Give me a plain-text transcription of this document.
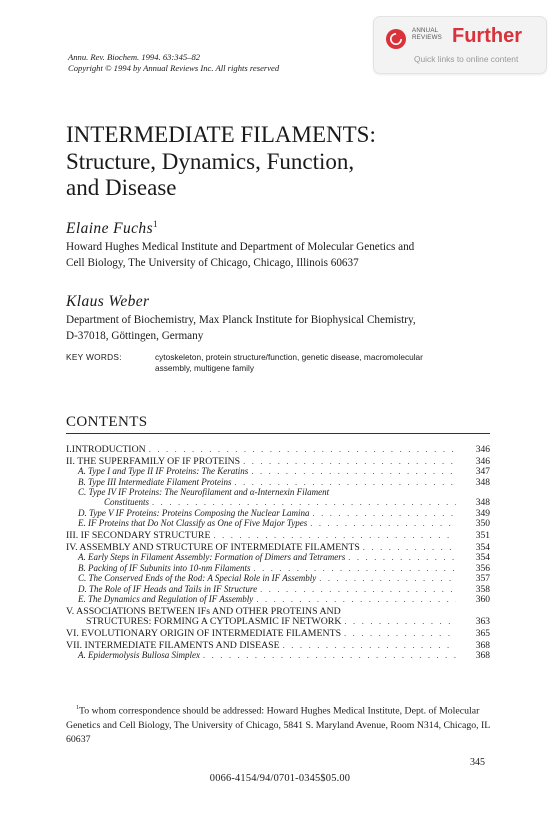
Annu. Rev. Biochem. 1994. 63:345–82
Copyright © 1994 by Annual Reviews Inc. All rights reserved
ANNUAL
REVIEWS Further
Quick links to online content
INTERMEDIATE FILAMENTS:
Structure, Dynamics, Function,
and Disease
Elaine Fuchs$^1$
Howard Hughes Medical Institute and Department of Molecular Genetics and
Cell Biology, The University of Chicago, Chicago, Illinois 60637
Klaus Weber
Department of Biochemistry, Max Planck Institute for Biophysical Chemistry,
D-37018, Göttingen, Germany
KEY WORDS:	cytoskeleton, protein structure/function, genetic disease, macromolecular
assembly, multigene family
CONTENTS
I.INTRODUCTION . . .	346
II. THE SUPERFAMILY OF IF PROTEINS . . .	346
A. Type I and Type II IF Proteins: The Keratins . . .	347
B. Type III Intermediate Filament Proteins . . .	348
C. Type IV IF Proteins: The Neurofilament and α-Internexin Filament
Constituents . . .	348
D. Type V IF Proteins: Proteins Composing the Nuclear Lamina . . .	349
E. IF Proteins that Do Not Classify as One of Five Major Types . . .	350
III. IF SECONDARY STRUCTURE . . .	351
IV. ASSEMBLY AND STRUCTURE OF INTERMEDIATE FILAMENTS . . .	354
A. Early Steps in Filament Assembly: Formation of Dimers and Tetramers . . .	354
B. Packing of IF Subunits into 10-nm Filaments . . .	356
C. The Conserved Ends of the Rod: A Special Role in IF Assembly . . .	357
D. The Role of IF Heads and Tails in IF Structure . . .	358
E. The Dynamics and Regulation of IF Assembly . . .	360
V. ASSOCIATIONS BETWEEN IFs AND OTHER PROTEINS AND
STRUCTURES: FORMING A CYTOPLASMIC IF NETWORK . . .	363
VI. EVOLUTIONARY ORIGIN OF INTERMEDIATE FILAMENTS . . .	365
VII. INTERMEDIATE FILAMENTS AND DISEASE . . .	368
A. Epidermolysis Bullosa Simplex . . .	368
$^1$To whom correspondence should be addressed: Howard Hughes Medical Institute, Dept. of Molecular Genetics and Cell Biology, The University of Chicago, 5841 S. Maryland Avenue, Room N314, Chicago, IL 60637
345
0066-4154/94/0701-0345$05.00
